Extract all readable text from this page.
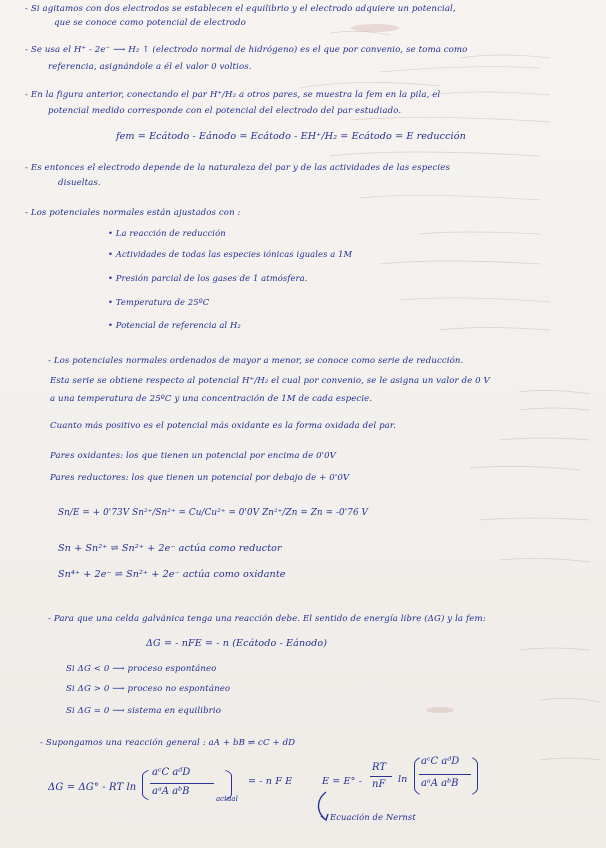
- Si agitamos con dos electrodos se establecen el equilibrio y el electrodo adquiere un potencial,
que se conoce como potencial de electrodo
- Se usa el H⁺ - 2e⁻ ⟶ H₂ ↑ (electrodo normal de hidrógeno) es el que por convenio, se toma como
referencia, asignándole a él el valor 0 voltios.
- En la figura anterior, conectando el par H⁺/H₂ a otros pares, se muestra la fem en la pila, el
potencial medido corresponde con el potencial del electrodo del par estudiado.
fem = Ecátodo - Eánodo = Ecátodo - EH⁺/H₂ = Ecátodo = E reducción
- Es entonces el electrodo depende de la naturaleza del par y de las actividades de las especies
disueltas.
- Los potenciales normales están ajustados con :
• La reacción de reducción
• Actividades de todas las especies iónicas iguales a 1M
• Presión parcial de los gases de 1 atmósfera.
• Temperatura de 25ºC
• Potencial de referencia al H₂
- Los potenciales normales ordenados de mayor a menor, se conoce como serie de reducción.
Esta serie se obtiene respecto al potencial H⁺/H₂ el cual por convenio, se le asigna un valor de 0 V
a una temperatura de 25ºC y una concentración de 1M de cada especie.
Cuanto más positivo es el potencial más oxidante es la forma oxidada del par.
Pares oxidantes: los que tienen un potencial por encima de 0'0V
Pares reductores: los que tienen un potencial por debajo de + 0'0V
Sn/E = + 0'73V Sn²⁺/Sn²⁺ = Cu/Cu²⁺ = 0'0V Zn²⁺/Zn = Zn = -0'76 V
Sn + Sn²⁺ ⇌ Sn²⁺ + 2e⁻ actúa como reductor
Sn⁴⁺ + 2e⁻ ⇌ Sn²⁺ + 2e⁻ actúa como oxidante
- Para que una celda galvánica tenga una reacción debe. El sentido de energía libre (ΔG) y la fem:
ΔG = - nFE = - n (Ecátodo - Eánodo)
Si ΔG < 0 ⟶ proceso espontáneo
Si ΔG > 0 ⟶ proceso no espontáneo
Si ΔG = 0 ⟶ sistema en equilibrio
- Supongamos una reacción general : aA + bB ⇌ cC + dD
ΔG = ΔG° - RT ln
aᶜC aᵈD
aᵃA aᵇB
actual
= - n F E	E = E° -
RT
nF ln
aᶜC aᵈD
aᵃA aᵇB
Ecuación de Nernst
